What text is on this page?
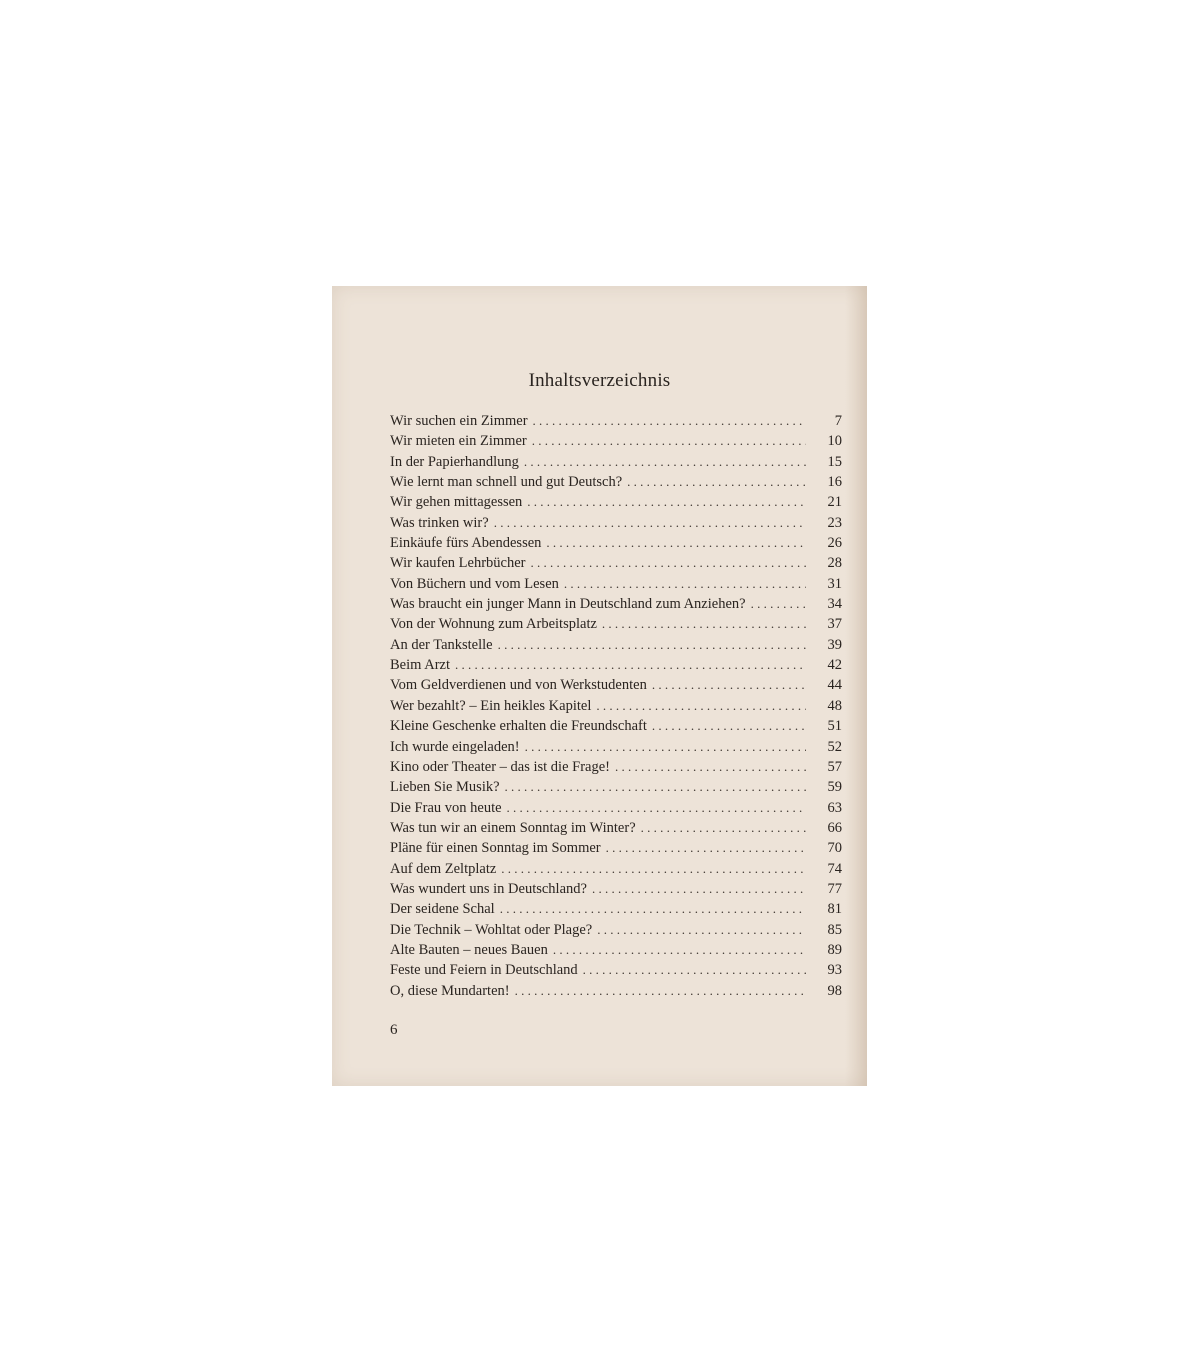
Inhaltsverzeichnis
Wir suchen ein Zimmer . . .	7
Wir mieten ein Zimmer . . .	10
In der Papierhandlung . . .	15
Wie lernt man schnell und gut Deutsch? . . .	16
Wir gehen mittagessen . . .	21
Was trinken wir? . . .	23
Einkäufe fürs Abendessen . . .	26
Wir kaufen Lehrbücher . . .	28
Von Büchern und vom Lesen . . .	31
Was braucht ein junger Mann in Deutschland zum Anziehen? . . .	34
Von der Wohnung zum Arbeitsplatz . . .	37
An der Tankstelle . . .	39
Beim Arzt . . .	42
Vom Geldverdienen und von Werkstudenten . . .	44
Wer bezahlt? – Ein heikles Kapitel . . .	48
Kleine Geschenke erhalten die Freundschaft . . .	51
Ich wurde eingeladen! . . .	52
Kino oder Theater – das ist die Frage! . . .	57
Lieben Sie Musik? . . .	59
Die Frau von heute . . .	63
Was tun wir an einem Sonntag im Winter? . . .	66
Pläne für einen Sonntag im Sommer . . .	70
Auf dem Zeltplatz . . .	74
Was wundert uns in Deutschland? . . .	77
Der seidene Schal . . .	81
Die Technik – Wohltat oder Plage? . . .	85
Alte Bauten – neues Bauen . . .	89
Feste und Feiern in Deutschland . . .	93
O, diese Mundarten! . . .	98
6
